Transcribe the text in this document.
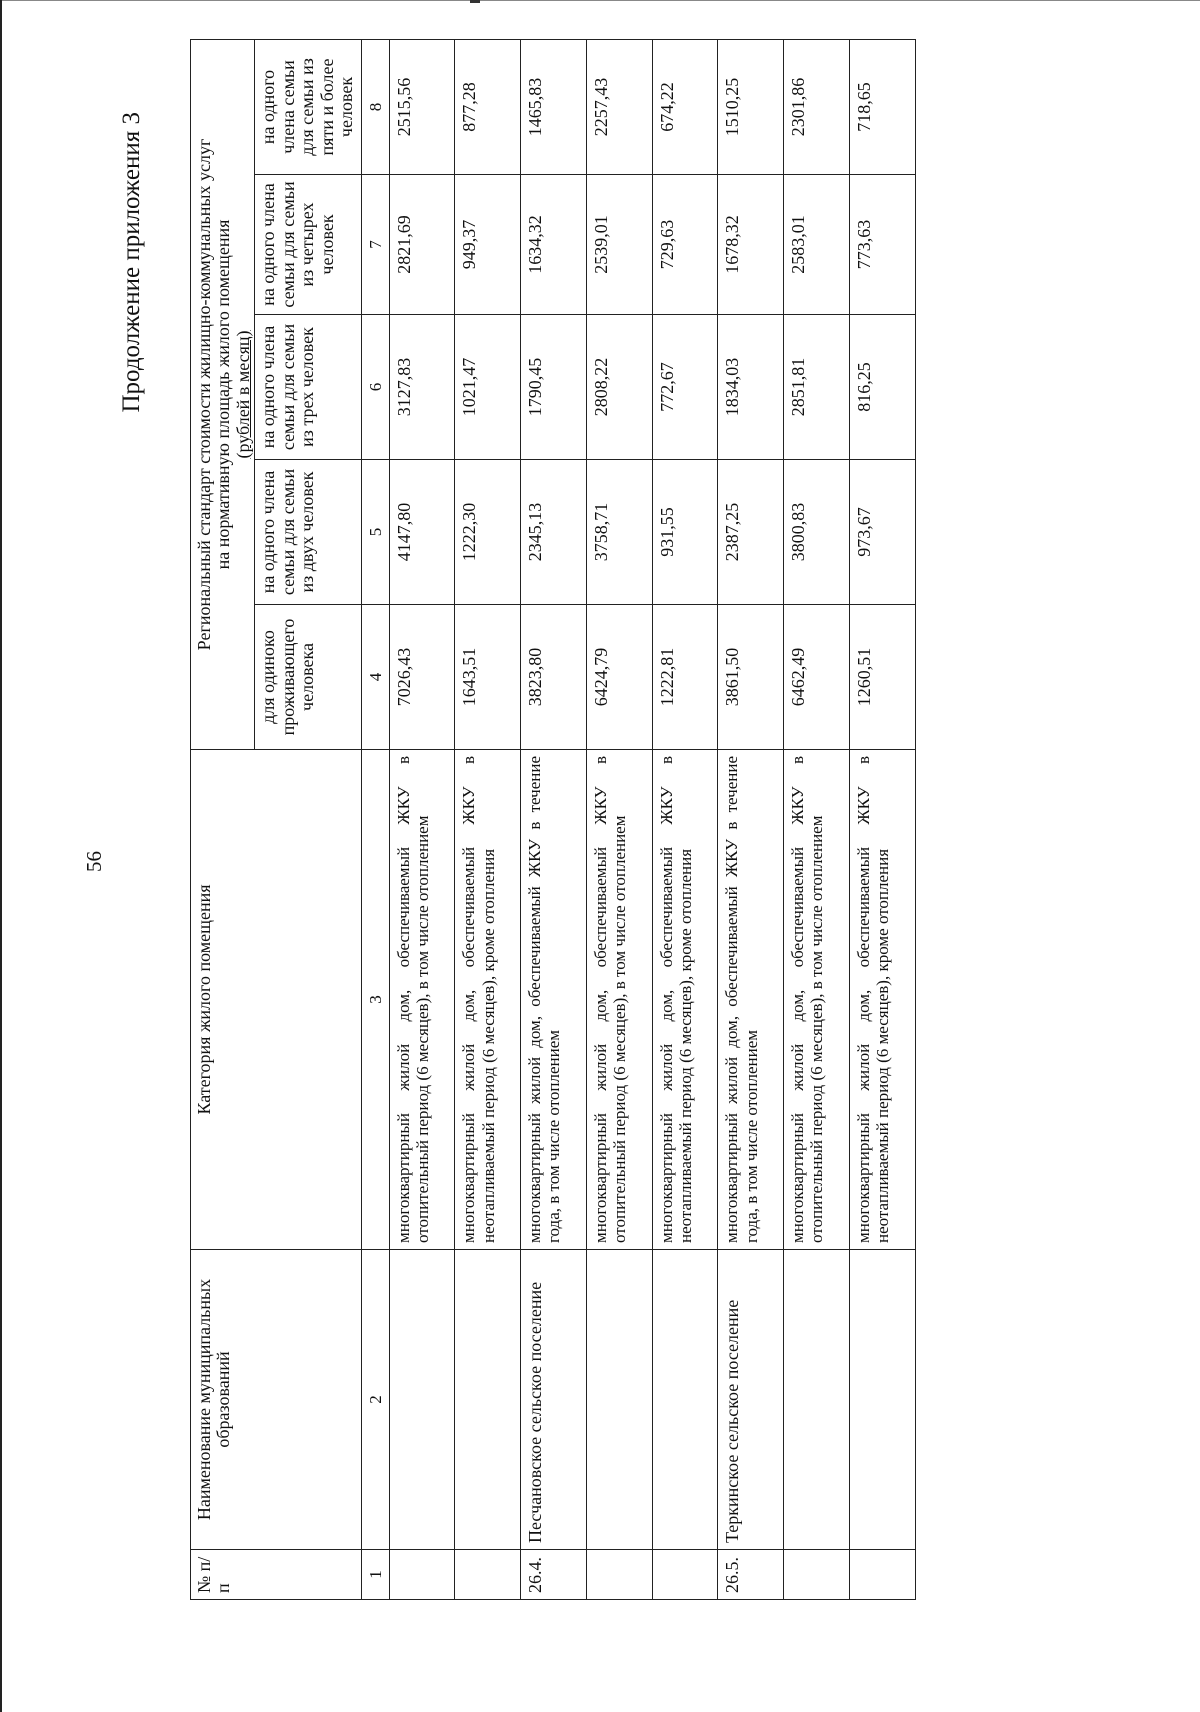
56
Продолжение приложения 3
№ п/п	Наименование муниципальных образований	Категория жилого помещения	Региональный стандарт стоимости жилищно-коммунальных услуг на нормативную площадь жилого помещения				

			(рублей в месяц)				
			для одиноко проживающего человека	на одного члена семьи для семьи из двух человек	на одного члена семьи для семьи из трех человек	на одного члена семьи для семьи из четырех человек	на одного члена семьи для семьи из пяти и более человек
1	2	3	4	5	6	7	8
		многоквартирный жилой дом, обеспечиваемый ЖКУ в отопительный период (6 месяцев), в том числе отоплением	7026,43	4147,80	3127,83	2821,69	2515,56
		многоквартирный жилой дом, обеспечиваемый ЖКУ в неотапливаемый период (6 месяцев), кроме отопления	1643,51	1222,30	1021,47	949,37	877,28
26.4.	Песчановское сельское поселение	многоквартирный жилой дом, обеспечиваемый ЖКУ в течение года, в том числе отоплением	3823,80	2345,13	1790,45	1634,32	1465,83
		многоквартирный жилой дом, обеспечиваемый ЖКУ в отопительный период (6 месяцев), в том числе отоплением	6424,79	3758,71	2808,22	2539,01	2257,43
		многоквартирный жилой дом, обеспечиваемый ЖКУ в неотапливаемый период (6 месяцев), кроме отопления	1222,81	931,55	772,67	729,63	674,22
26.5.	Теркинское сельское поселение	многоквартирный жилой дом, обеспечиваемый ЖКУ в течение года, в том числе отоплением	3861,50	2387,25	1834,03	1678,32	1510,25
		многоквартирный жилой дом, обеспечиваемый ЖКУ в отопительный период (6 месяцев), в том числе отоплением	6462,49	3800,83	2851,81	2583,01	2301,86
		многоквартирный жилой дом, обеспечиваемый ЖКУ в неотапливаемый период (6 месяцев), кроме отопления	1260,51	973,67	816,25	773,63	718,65
